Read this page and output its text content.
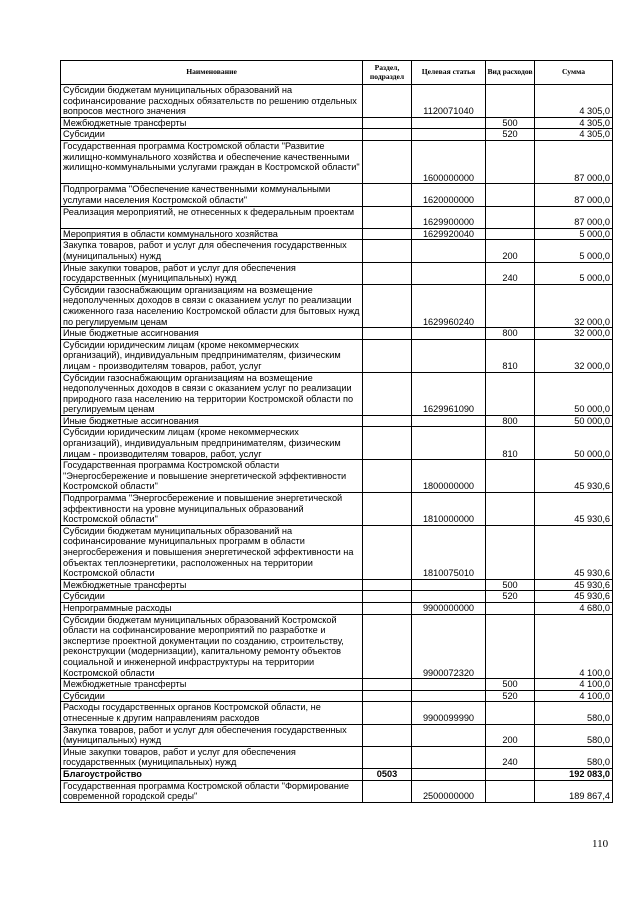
Наименование	Раздел, подраздел	Целевая статья	Вид расходов	Сумма
Субсидии бюджетам муниципальных образований на софинансирование расходных обязательств по решению отдельных вопросов местного значения		1120071040		4 305,0
Межбюджетные трансферты			500	4 305,0
Субсидии			520	4 305,0
Государственная программа Костромской области "Развитие жилищно-коммунального хозяйства и обеспечение качественными жилищно-коммунальными услугами граждан в Костромской области"		1600000000		87 000,0
Подпрограмма "Обеспечение качественными коммунальными услугами населения Костромской области"		1620000000		87 000,0
Реализация мероприятий, не отнесенных к федеральным проектам		1629900000		87 000,0
Мероприятия в области коммунального хозяйства		1629920040		5 000,0
Закупка товаров, работ и услуг для обеспечения государственных (муниципальных) нужд			200	5 000,0
Иные закупки товаров, работ и услуг для обеспечения государственных (муниципальных) нужд			240	5 000,0
Субсидии газоснабжающим организациям на возмещение недополученных доходов в связи с оказанием услуг по реализации сжиженного газа населению Костромской области для бытовых нужд по регулируемым ценам		1629960240		32 000,0
Иные бюджетные ассигнования			800	32 000,0
Субсидии юридическим лицам (кроме некоммерческих организаций), индивидуальным предпринимателям, физическим лицам - производителям товаров, работ, услуг			810	32 000,0
Субсидии газоснабжающим организациям на возмещение недополученных доходов в связи с оказанием услуг по реализации природного газа населению на территории Костромской области по регулируемым ценам		1629961090		50 000,0
Иные бюджетные ассигнования			800	50 000,0
Субсидии юридическим лицам (кроме некоммерческих организаций), индивидуальным предпринимателям, физическим лицам - производителям товаров, работ, услуг			810	50 000,0
Государственная программа Костромской области "Энергосбережение и повышение энергетической эффективности Костромской области"		1800000000		45 930,6
Подпрограмма "Энергосбережение и повышение энергетической эффективности на уровне муниципальных образований Костромской области"		1810000000		45 930,6
Субсидии бюджетам муниципальных образований на софинансирование муниципальных программ в области энергосбережения и повышения энергетической эффективности на объектах теплоэнергетики, расположенных на территории Костромской области		1810075010		45 930,6
Межбюджетные трансферты			500	45 930,6
Субсидии			520	45 930,6
Непрограммные расходы		9900000000		4 680,0
Субсидии бюджетам муниципальных образований Костромской области на софинансирование мероприятий по разработке и экспертизе проектной документации по созданию, строительству, реконструкции (модернизации), капитальному ремонту объектов социальной и инженерной инфраструктуры на территории Костромской области		9900072320		4 100,0
Межбюджетные трансферты			500	4 100,0
Субсидии			520	4 100,0
Расходы государственных органов Костромской области, не отнесенные к другим направлениям расходов		9900099990		580,0
Закупка товаров, работ и услуг для обеспечения государственных (муниципальных) нужд			200	580,0
Иные закупки товаров, работ и услуг для обеспечения государственных (муниципальных) нужд			240	580,0
Благоустройство	0503			192 083,0
Государственная программа Костромской области "Формирование современной городской среды"		2500000000		189 867,4
110
